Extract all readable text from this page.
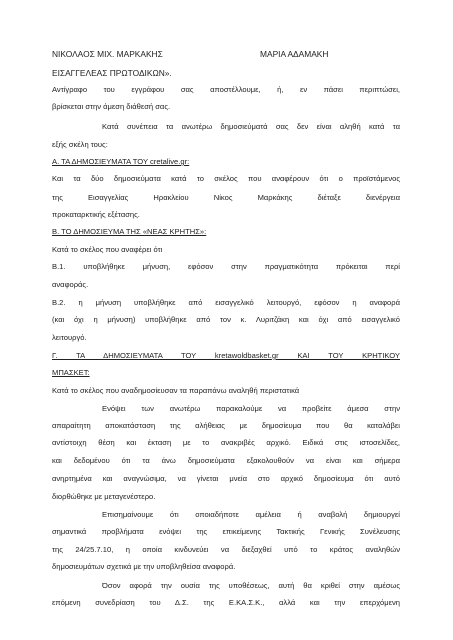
ΝΙΚΟΛΑΟΣ ΜΙΧ. ΜΑΡΚΑΚΗΣ	ΜΑΡΙΑ ΑΔΑΜΑΚΗ
ΕΙΣΑΓΓΕΛΕΑΣ ΠΡΩΤΟΔΙΚΩΝ».
Αντίγραφο του εγγράφου σας αποστέλλουμε, ή, εν πάσει περιπτώσει,
βρίσκεται στην άμεση διάθεσή σας.
Κατά συνέπεια τα ανωτέρω δημοσιεύματά σας δεν είναι αληθή κατά τα
εξής σκέλη τους:
Α. ΤΑ ΔΗΜΟΣΙΕΥΜΑΤΑ ΤΟΥ cretalive.gr:
Και τα δύο δημοσιεύματα κατά το σκέλος που αναφέρουν ότι ο προϊστάμενος
της Εισαγγελίας Ηρακλείου Νίκος Μαρκάκης διέταξε διενέργεια
προκαταρκτικής εξέτασης.
Β. ΤΟ ΔΗΜΟΣΙΕΥΜΑ ΤΗΣ «ΝΕΑΣ ΚΡΗΤΗΣ»:
Κατά το σκέλος που αναφέρει ότι
Β.1. υποβλήθηκε μήνυση, εφόσον στην πραγματικότητα πρόκειται περί
αναφοράς.
Β.2. η μήνυση υποβλήθηκε από εισαγγελικό λειτουργό, εφόσον η αναφορά
(και όχι η μήνυση) υποβλήθηκε από τον κ. Λυριτζάκη και όχι από εισαγγελικό
λειτουργό.
Γ. ΤΑ ΔΗΜΟΣΙΕΥΜΑΤΑ ΤΟΥ kretawoldbasket.gr ΚΑΙ ΤΟΥ ΚΡΗΤΙΚΟΥ
ΜΠΑΣΚΕΤ:
Κατά το σκέλος που αναδημοσίευσαν τα παραπάνω αναληθή περιστατικά
Ενόψει των ανωτέρω παρακαλούμε να προβείτε άμεσα στην
απαραίτητη αποκατάσταση της αλήθειας με δημοσίευμα που θα καταλάβει
αντίστοιχη θέση και έκταση με το ανακριβές αρχικό. Ειδικά στις ιστοσελίδες,
και δεδομένου ότι τα άνω δημοσιεύματα εξακολουθούν να είναι και σήμερα
ανηρτημένα και αναγνώσιμα, να γίνεται μνεία στο αρχικό δημοσίευμα ότι αυτό
διορθώθηκε με μεταγενέστερο.
Επισημαίνουμε ότι οποιαδήποτε αμέλεια ή αναβολή δημιουργεί
σημαντικά προβλήματα ενόψει της επικείμενης Τακτικής Γενικής Συνέλευσης
της 24/25.7.10, η οποία κινδυνεύει να διεξαχθεί υπό το κράτος αναληθών
δημοσιευμάτων σχετικά με την υποβληθείσα αναφορά.
Όσον αφορά την ουσία της υποθέσεως, αυτή θα κριθεί στην αμέσως
επόμενη συνεδρίαση του Δ.Σ. της Ε.ΚΑ.Σ.Κ., αλλά και την επερχόμενη
